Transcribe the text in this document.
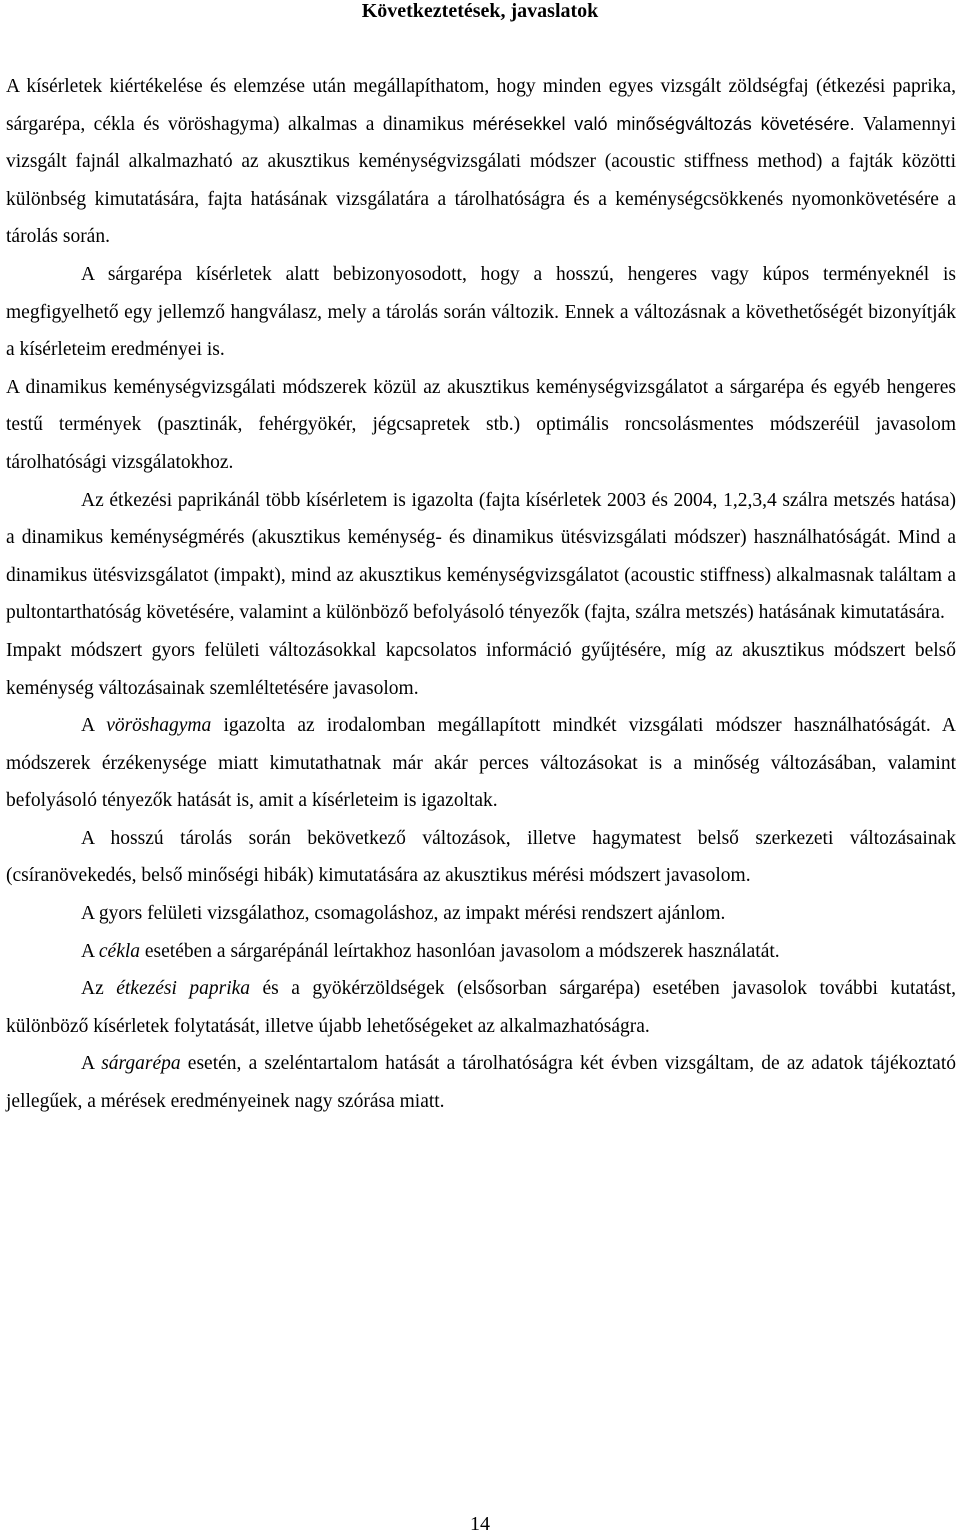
Következtetések, javaslatok

A kísérletek kiértékelése és elemzése után megállapíthatom, hogy minden egyes vizsgált zöldségfaj (étkezési paprika, sárgarépa, cékla és vöröshagyma) alkalmas a dinamikus mérésekkel való minőségváltozás követésére. Valamennyi vizsgált fajnál alkalmazható az akusztikus keménységvizsgálati módszer (acoustic stiffness method) a fajták közötti különbség kimutatására, fajta hatásának vizsgálatára a tárolhatóságra és a keménységcsökkenés nyomonkövetésére a tárolás során.

A sárgarépa kísérletek alatt bebizonyosodott, hogy a hosszú, hengeres vagy kúpos terményeknél is megfigyelhető egy jellemző hangválasz, mely a tárolás során változik. Ennek a változásnak a követhetőségét bizonyítják a kísérleteim eredményei is.

A dinamikus keménységvizsgálati módszerek közül az akusztikus keménységvizsgálatot a sárgarépa és egyéb hengeres testű termények (pasztinák, fehérgyökér, jégcsapretek stb.) optimális roncsolásmentes módszeréül javasolom tárolhatósági vizsgálatokhoz.

Az étkezési paprikánál több kísérletem is igazolta (fajta kísérletek 2003 és 2004, 1,2,3,4 szálra metszés hatása) a dinamikus keménységmérés (akusztikus keménység- és dinamikus ütésvizsgálati módszer) használhatóságát. Mind a dinamikus ütésvizsgálatot (impakt), mind az akusztikus keménységvizsgálatot (acoustic stiffness) alkalmasnak találtam a pultontarthatóság követésére, valamint a különböző befolyásoló tényezők (fajta, szálra metszés) hatásának kimutatására.

Impakt módszert gyors felületi változásokkal kapcsolatos információ gyűjtésére, míg az akusztikus módszert belső keménység változásainak szemléltetésére javasolom.

A vöröshagyma igazolta az irodalomban megállapított mindkét vizsgálati módszer használhatóságát. A módszerek érzékenysége miatt kimutathatnak már akár perces változásokat is a minőség változásában, valamint befolyásoló tényezők hatását is, amit a kísérleteim is igazoltak.

A hosszú tárolás során bekövetkező változások, illetve hagymatest belső szerkezeti változásainak (csíranövekedés, belső minőségi hibák) kimutatására az akusztikus mérési módszert javasolom.

A gyors felületi vizsgálathoz, csomagoláshoz, az impakt mérési rendszert ajánlom.

A cékla esetében a sárgarépánál leírtakhoz hasonlóan javasolom a módszerek használatát.

Az étkezési paprika és a gyökérzöldségek (elsősorban sárgarépa) esetében javasolok további kutatást, különböző kísérletek folytatását, illetve újabb lehetőségeket az alkalmazhatóságra.

A sárgarépa esetén, a szeléntartalom hatását a tárolhatóságra két évben vizsgáltam, de az adatok tájékoztató jellegűek, a mérések eredményeinek nagy szórása miatt.

14
